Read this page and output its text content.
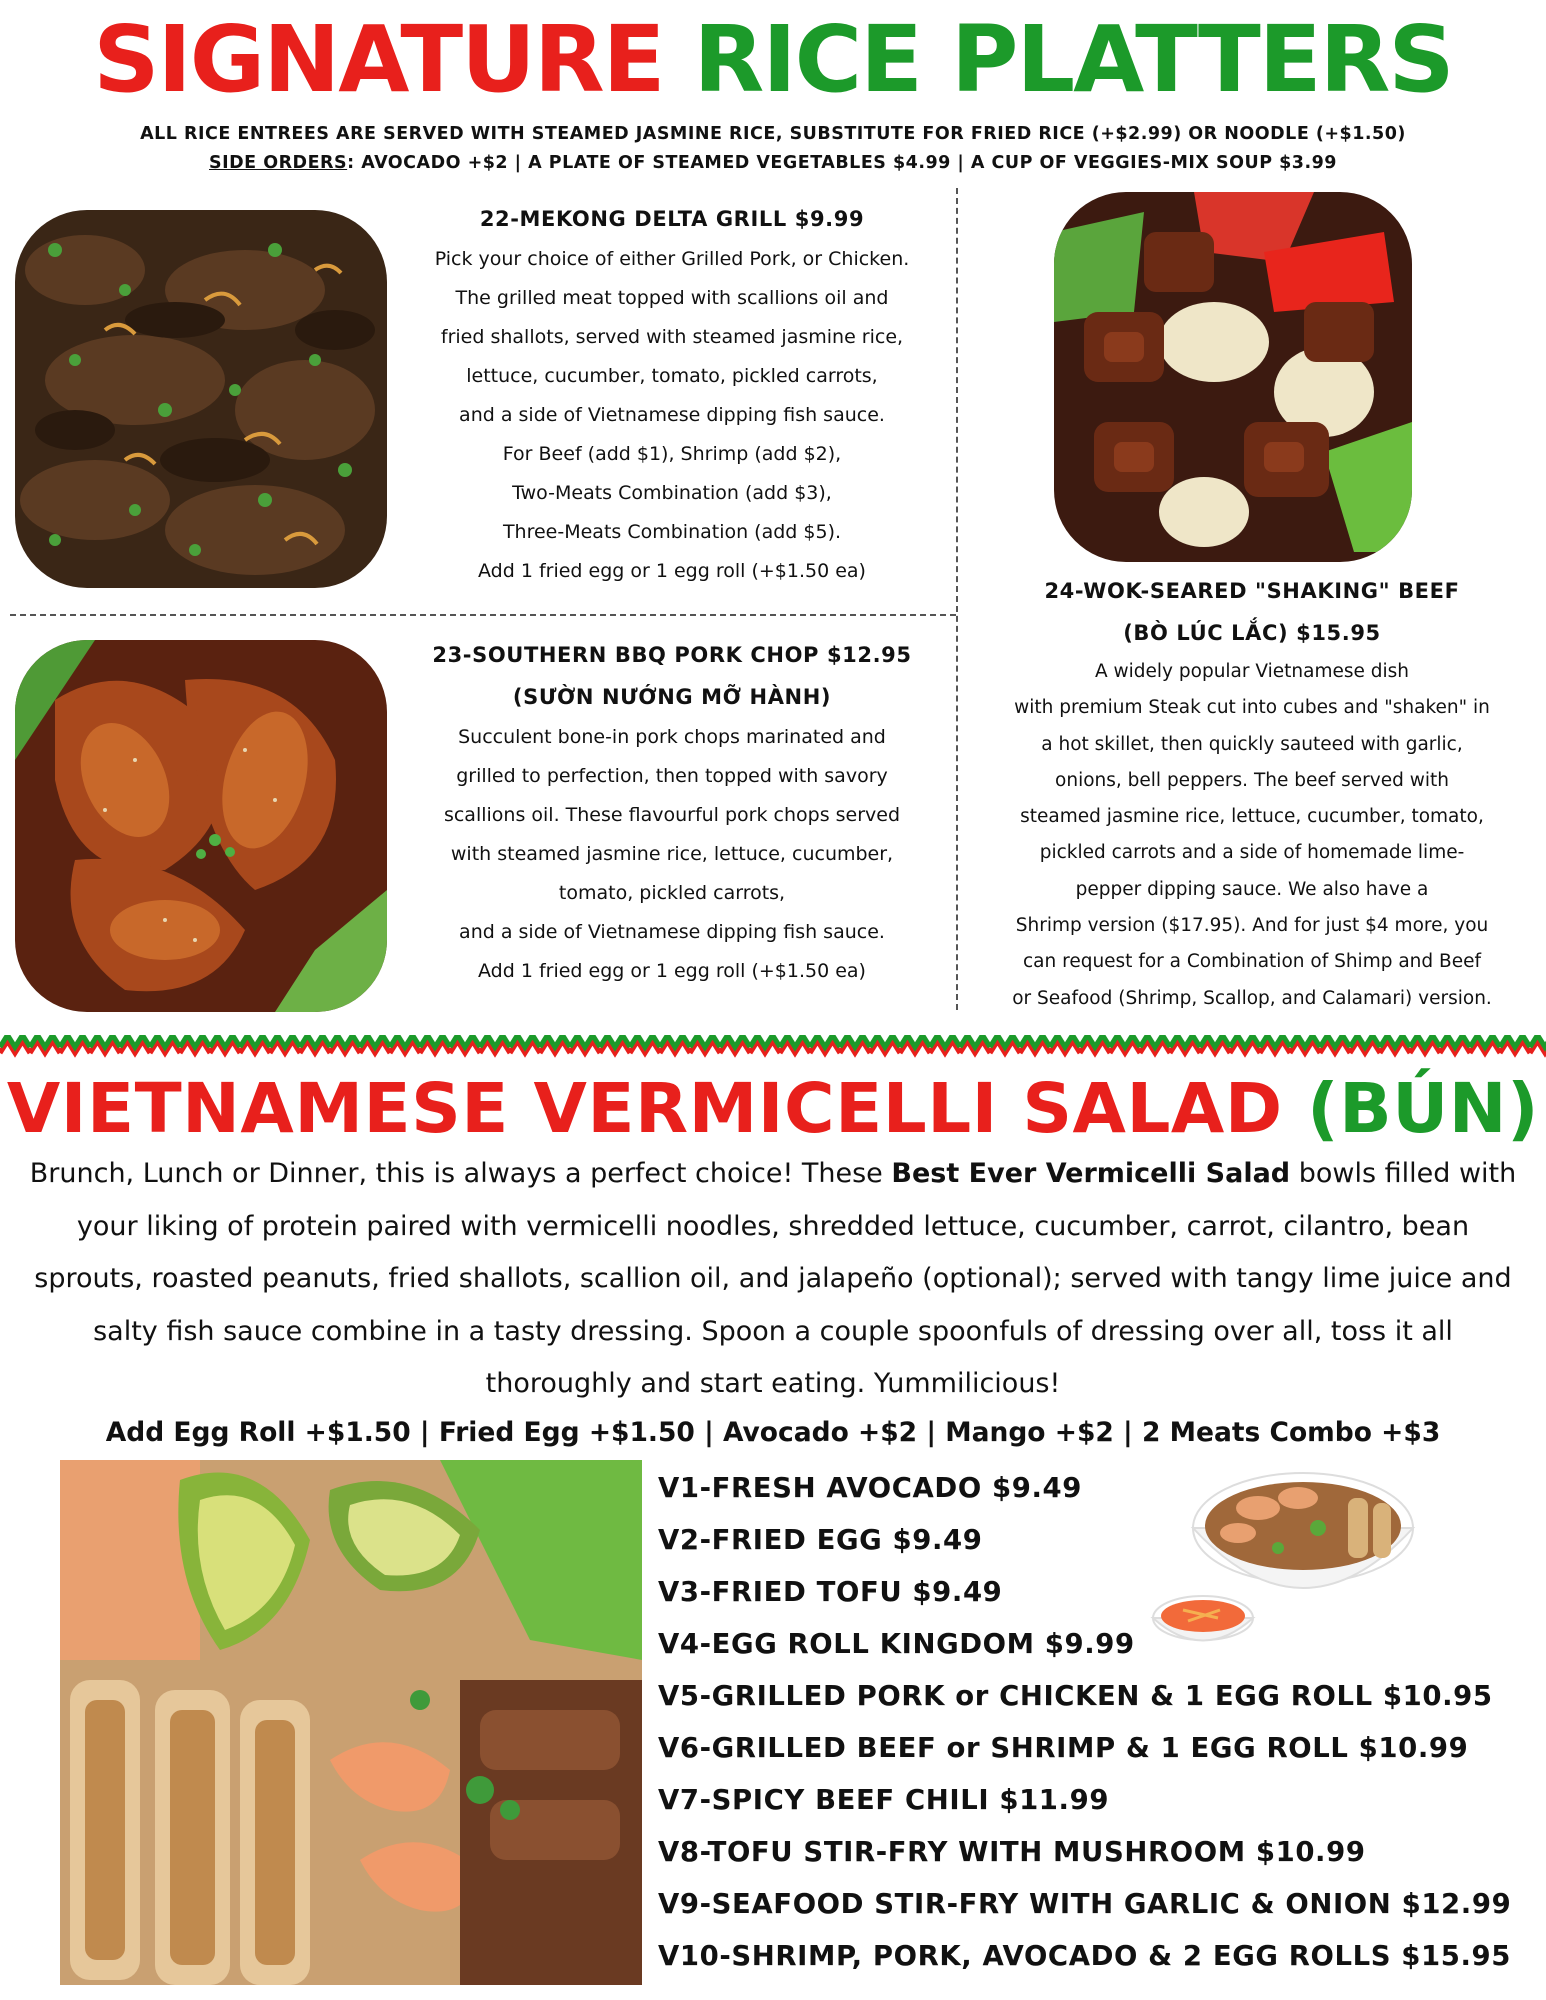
SIGNATURE RICE PLATTERS
ALL RICE ENTREES ARE SERVED WITH STEAMED JASMINE RICE, SUBSTITUTE FOR FRIED RICE (+$2.99) OR NOODLE (+$1.50)
SIDE ORDERS: AVOCADO +$2 | A PLATE OF STEAMED VEGETABLES $4.99 | A CUP OF VEGGIES-MIX SOUP $3.99
22-MEKONG DELTA GRILL $9.99
Pick your choice of either Grilled Pork, or Chicken.
The grilled meat topped with scallions oil and
fried shallots, served with steamed jasmine rice,
lettuce, cucumber, tomato, pickled carrots,
and a side of Vietnamese dipping fish sauce.
For Beef (add $1), Shrimp (add $2),
Two-Meats Combination (add $3),
Three-Meats Combination (add $5).
Add 1 fried egg or 1 egg roll (+$1.50 ea)
23-SOUTHERN BBQ PORK CHOP $12.95
(SƯỜN NƯỚNG MỠ HÀNH)
Succulent bone-in pork chops marinated and
grilled to perfection, then topped with savory
scallions oil. These flavourful pork chops served
with steamed jasmine rice, lettuce, cucumber,
tomato, pickled carrots,
and a side of Vietnamese dipping fish sauce.
Add 1 fried egg or 1 egg roll (+$1.50 ea)
24-WOK-SEARED "SHAKING" BEEF
(BÒ LÚC LẮC) $15.95
A widely popular Vietnamese dish
with premium Steak cut into cubes and "shaken" in
a hot skillet, then quickly sauteed with garlic,
onions, bell peppers. The beef served with
steamed jasmine rice, lettuce, cucumber, tomato,
pickled carrots and a side of homemade lime-
pepper dipping sauce. We also have a
Shrimp version ($17.95). And for just $4 more, you
can request for a Combination of Shimp and Beef
or Seafood (Shrimp, Scallop, and Calamari) version.
VIETNAMESE VERMICELLI SALAD (BÚN)
Brunch, Lunch or Dinner, this is always a perfect choice! These Best Ever Vermicelli Salad bowls filled with your liking of protein paired with vermicelli noodles, shredded lettuce, cucumber, carrot, cilantro, bean sprouts, roasted peanuts, fried shallots, scallion oil, and jalapeño (optional); served with tangy lime juice and salty fish sauce combine in a tasty dressing. Spoon a couple spoonfuls of dressing over all, toss it all thoroughly and start eating. Yummilicious!
Add Egg Roll +$1.50 | Fried Egg +$1.50 | Avocado +$2 | Mango +$2 | 2 Meats Combo +$3
V1-FRESH AVOCADO $9.49
V2-FRIED EGG $9.49
V3-FRIED TOFU $9.49
V4-EGG ROLL KINGDOM $9.99
V5-GRILLED PORK or CHICKEN & 1 EGG ROLL $10.95
V6-GRILLED BEEF or SHRIMP & 1 EGG ROLL $10.99
V7-SPICY BEEF CHILI $11.99
V8-TOFU STIR-FRY WITH MUSHROOM $10.99
V9-SEAFOOD STIR-FRY WITH GARLIC & ONION $12.99
V10-SHRIMP, PORK, AVOCADO & 2 EGG ROLLS $15.95
